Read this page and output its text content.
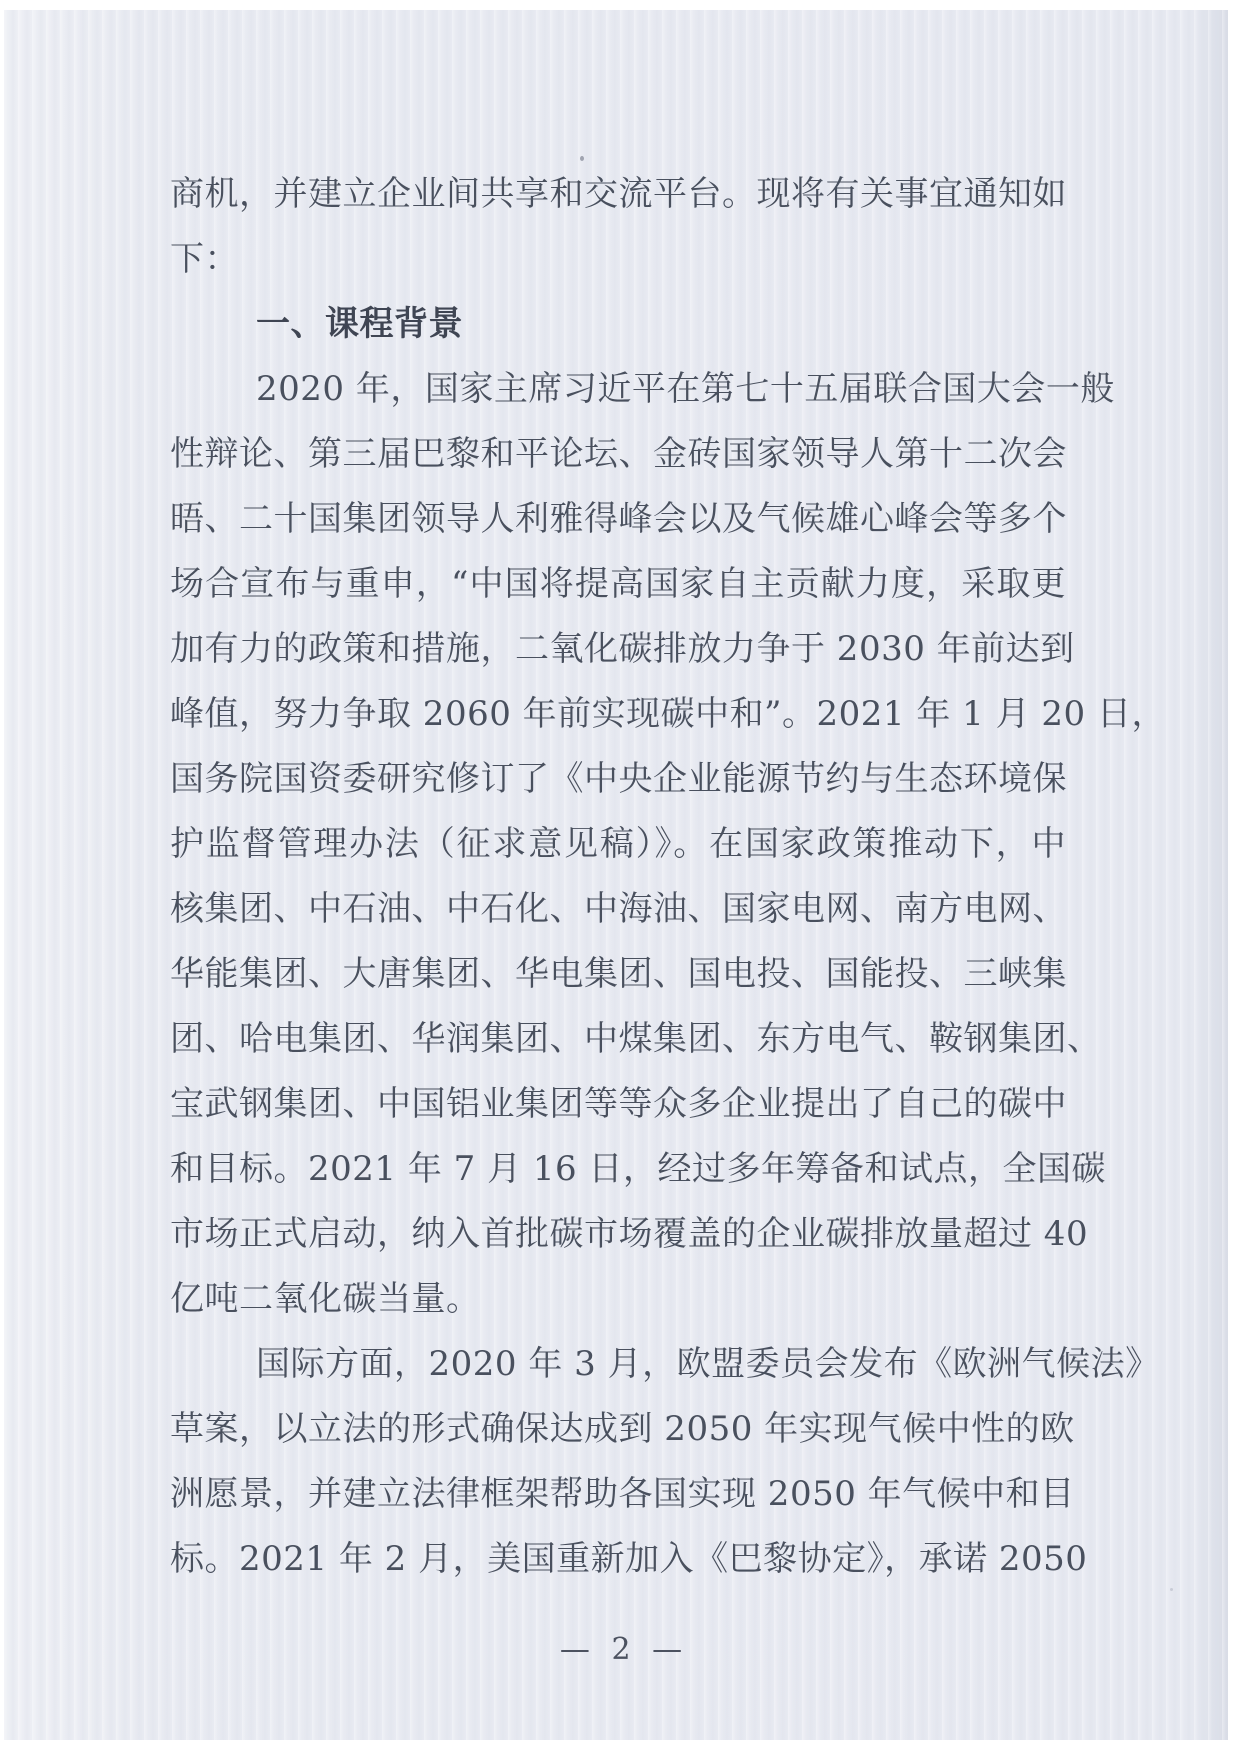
商机，并建立企业间共享和交流平台。现将有关事宜通知如

下：

一、课程背景

2020 年，国家主席习近平在第七十五届联合国大会一般

性辩论、第三届巴黎和平论坛、金砖国家领导人第十二次会

晤、二十国集团领导人利雅得峰会以及气候雄心峰会等多个

场合宣布与重申，“中国将提高国家自主贡献力度，采取更

加有力的政策和措施，二氧化碳排放力争于 2030 年前达到

峰值，努力争取 2060 年前实现碳中和”。2021 年 1 月 20 日，

国务院国资委研究修订了《中央企业能源节约与生态环境保

护监督管理办法（征求意见稿）》。在国家政策推动下，中

核集团、中石油、中石化、中海油、国家电网、南方电网、

华能集团、大唐集团、华电集团、国电投、国能投、三峡集

团、哈电集团、华润集团、中煤集团、东方电气、鞍钢集团、

宝武钢集团、中国铝业集团等等众多企业提出了自己的碳中

和目标。2021 年 7 月 16 日，经过多年筹备和试点，全国碳

市场正式启动，纳入首批碳市场覆盖的企业碳排放量超过 40

亿吨二氧化碳当量。

国际方面，2020 年 3 月，欧盟委员会发布《欧洲气候法》

草案，以立法的形式确保达成到 2050 年实现气候中性的欧

洲愿景，并建立法律框架帮助各国实现 2050 年气候中和目

标。2021 年 2 月，美国重新加入《巴黎协定》，承诺 2050

— 2 —
